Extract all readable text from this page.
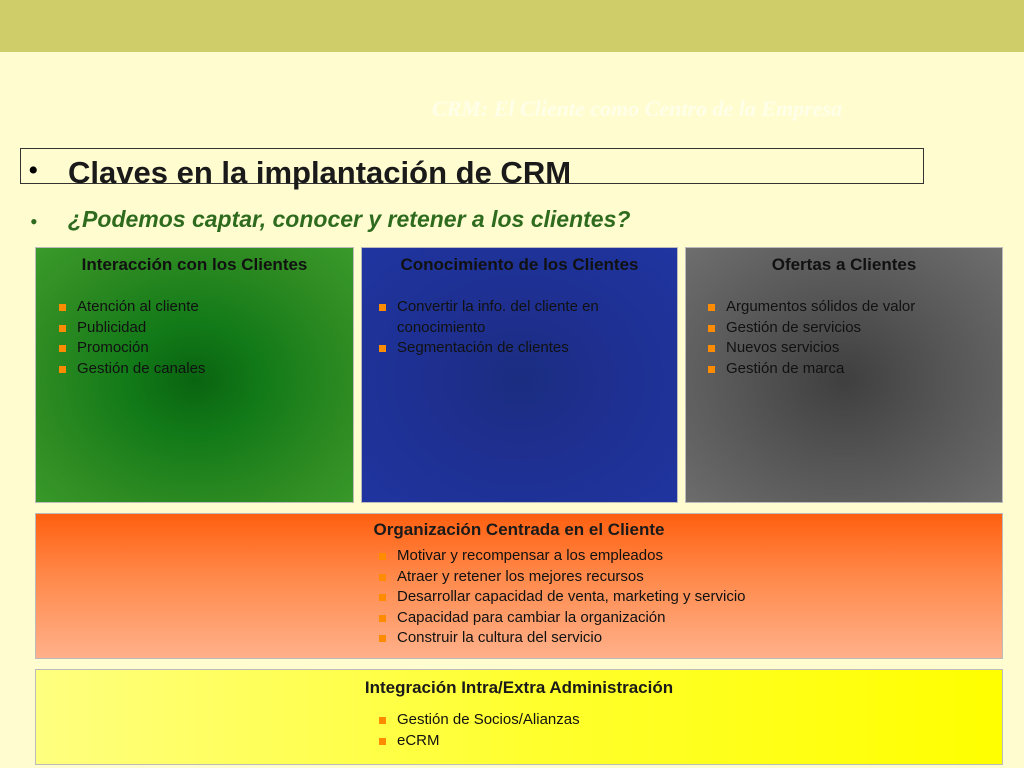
CRM: El Cliente como Centro de la Empresa
• Claves en la implantación de CRM
• ¿Podemos captar, conocer y retener a los clientes?
Interacción con los Clientes
Atención al cliente
Publicidad
Promoción
Gestión de canales
Conocimiento de los Clientes
Convertir la info. del cliente en conocimiento
Segmentación de clientes
Ofertas a Clientes
Argumentos sólidos de valor
Gestión de servicios
Nuevos servicios
Gestión de marca
Organización Centrada en el Cliente
Motivar y recompensar a los empleados
Atraer y retener los mejores recursos
Desarrollar capacidad de venta, marketing y servicio
Capacidad para cambiar la organización
Construir la cultura del servicio
Integración Intra/Extra Administración
Gestión de Socios/Alianzas
eCRM
